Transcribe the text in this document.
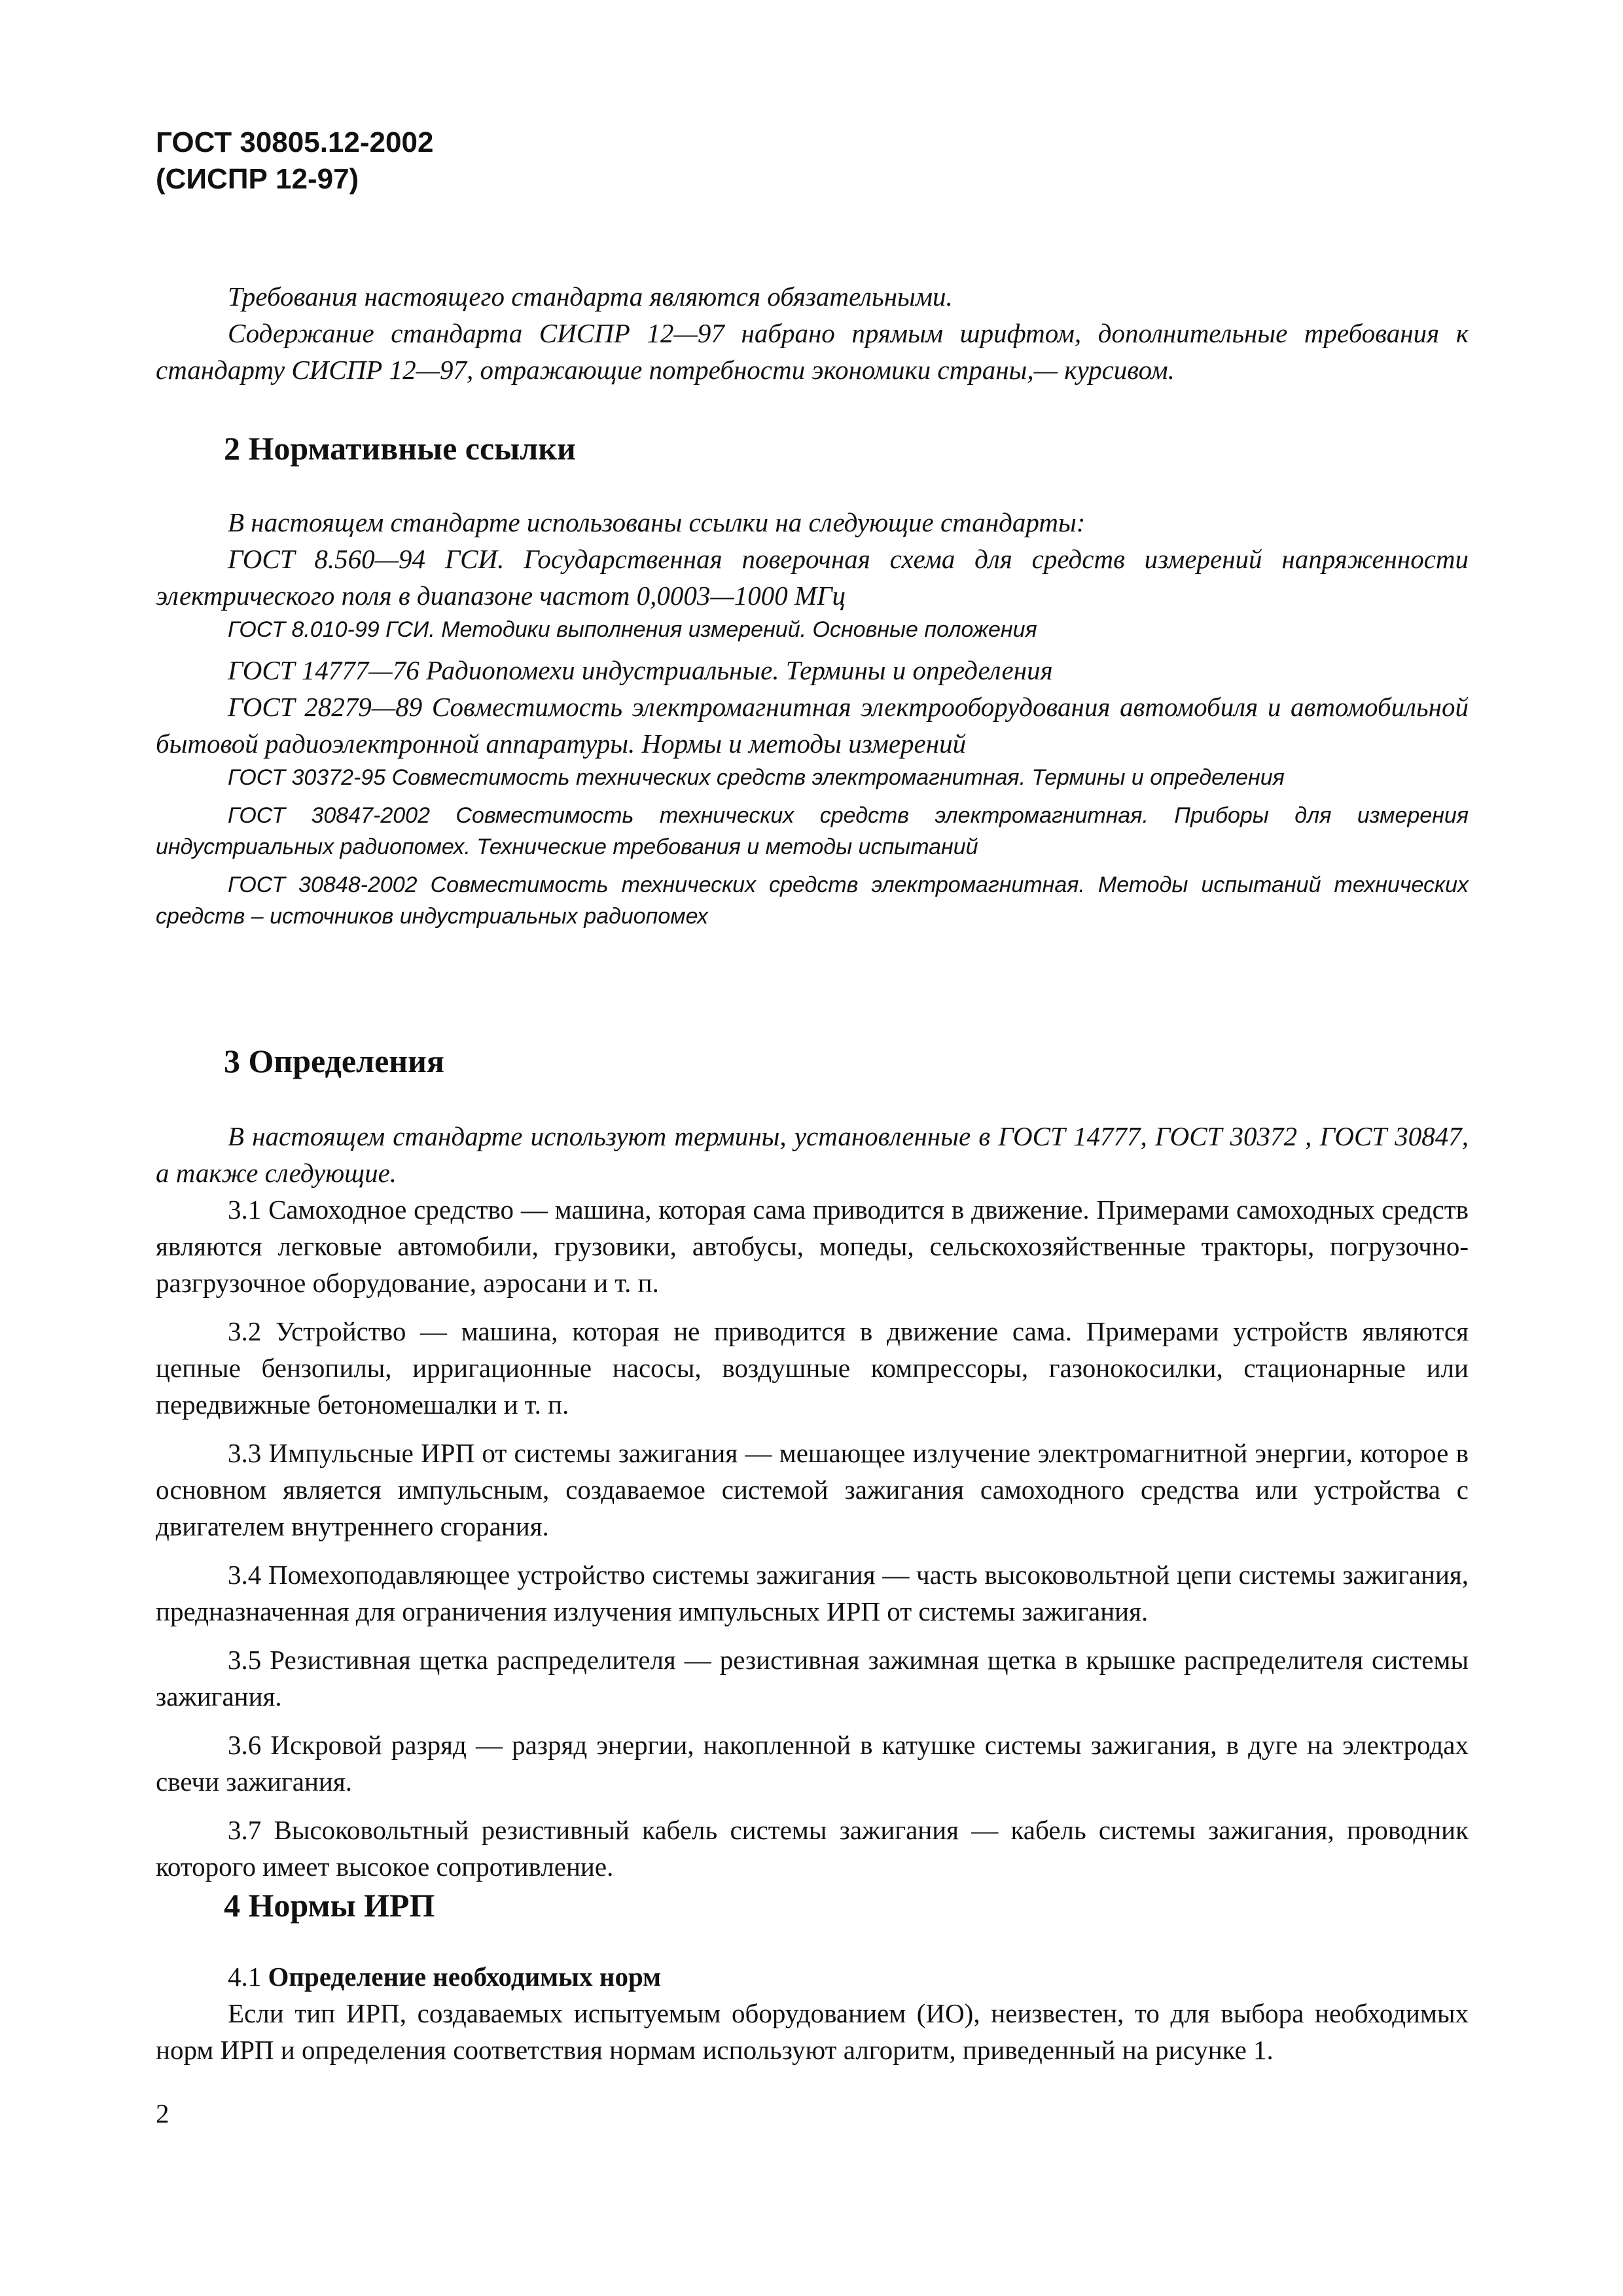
ГОСТ 30805.12-2002
(СИСПР 12-97)

Требования настоящего стандарта являются обязательными.

Содержание стандарта СИСПР 12—97 набрано прямым шрифтом, дополнительные требования к стандарту СИСПР 12—97, отражающие потребности экономики страны,— курсивом.

2 Нормативные ссылки

В настоящем стандарте использованы ссылки на следующие стандарты:

ГОСТ 8.560—94 ГСИ. Государственная поверочная схема для средств измерений напряженности электрического поля в диапазоне частот 0,0003—1000 МГц

ГОСТ 8.010-99 ГСИ. Методики выполнения измерений. Основные положения

ГОСТ 14777—76 Радиопомехи индустриальные. Термины и определения

ГОСТ 28279—89 Совместимость электромагнитная электрооборудования автомобиля и автомобильной бытовой радиоэлектронной аппаратуры. Нормы и методы измерений

ГОСТ 30372-95 Совместимость технических средств электромагнитная. Термины и определения

ГОСТ 30847-2002 Совместимость технических средств электромагнитная. Приборы для измерения индустриальных радиопомех. Технические требования и методы испытаний

ГОСТ 30848-2002 Совместимость технических средств электромагнитная. Методы испытаний технических средств – источников индустриальных радиопомех

3 Определения

В настоящем стандарте используют термины, установленные в ГОСТ 14777, ГОСТ 30372 , ГОСТ 30847, а также следующие.

3.1 Самоходное средство — машина, которая сама приводится в движение. Примерами самоходных средств являются легковые автомобили, грузовики, автобусы, мопеды, сельскохозяйственные тракторы, погрузочно-разгрузочное оборудование, аэросани и т. п.

3.2 Устройство — машина, которая не приводится в движение сама. Примерами устройств являются цепные бензопилы, ирригационные насосы, воздушные компрессоры, газонокосилки, стационарные или передвижные бетономешалки и т. п.

3.3 Импульсные ИРП от системы зажигания — мешающее излучение электромагнитной энергии, которое в основном является импульсным, создаваемое системой зажигания самоходного средства или устройства с двигателем внутреннего сгорания.

3.4 Помехоподавляющее устройство системы зажигания — часть высоковольтной цепи системы зажигания, предназначенная для ограничения излучения импульсных ИРП от системы зажигания.

3.5 Резистивная щетка распределителя — резистивная зажимная щетка в крышке распределителя системы зажигания.

3.6 Искровой разряд — разряд энергии, накопленной в катушке системы зажигания, в дуге на электродах свечи зажигания.

3.7 Высоковольтный резистивный кабель системы зажигания — кабель системы зажигания, проводник которого имеет высокое сопротивление.

4 Нормы ИРП

4.1 Определение необходимых норм

Если тип ИРП, создаваемых испытуемым оборудованием (ИО), неизвестен, то для выбора необходимых норм ИРП и определения соответствия нормам используют алгоритм, приведенный на рисунке 1.

2
